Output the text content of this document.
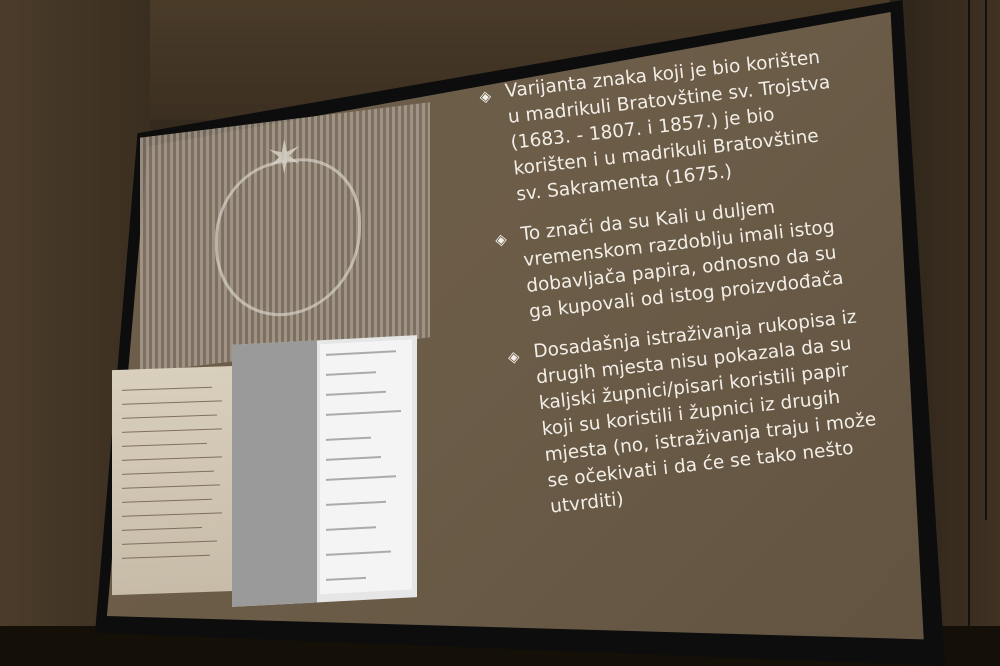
✶
◈ Varijanta znaka koji je bio korišten u madrikuli Bratovštine sv. Trojstva (1683. - 1807. i 1857.) je bio korišten i u madrikuli Bratovštine sv. Sakramenta (1675.)
◈ To znači da su Kali u duljem vremenskom razdoblju imali istog dobavljača papira, odnosno da su ga kupovali od istog proizvdođača
◈ Dosadašnja istraživanja rukopisa iz drugih mjesta nisu pokazala da su kaljski župnici/pisari koristili papir koji su koristili i župnici iz drugih mjesta (no, istraživanja traju i može se očekivati i da će se tako nešto utvrditi)
